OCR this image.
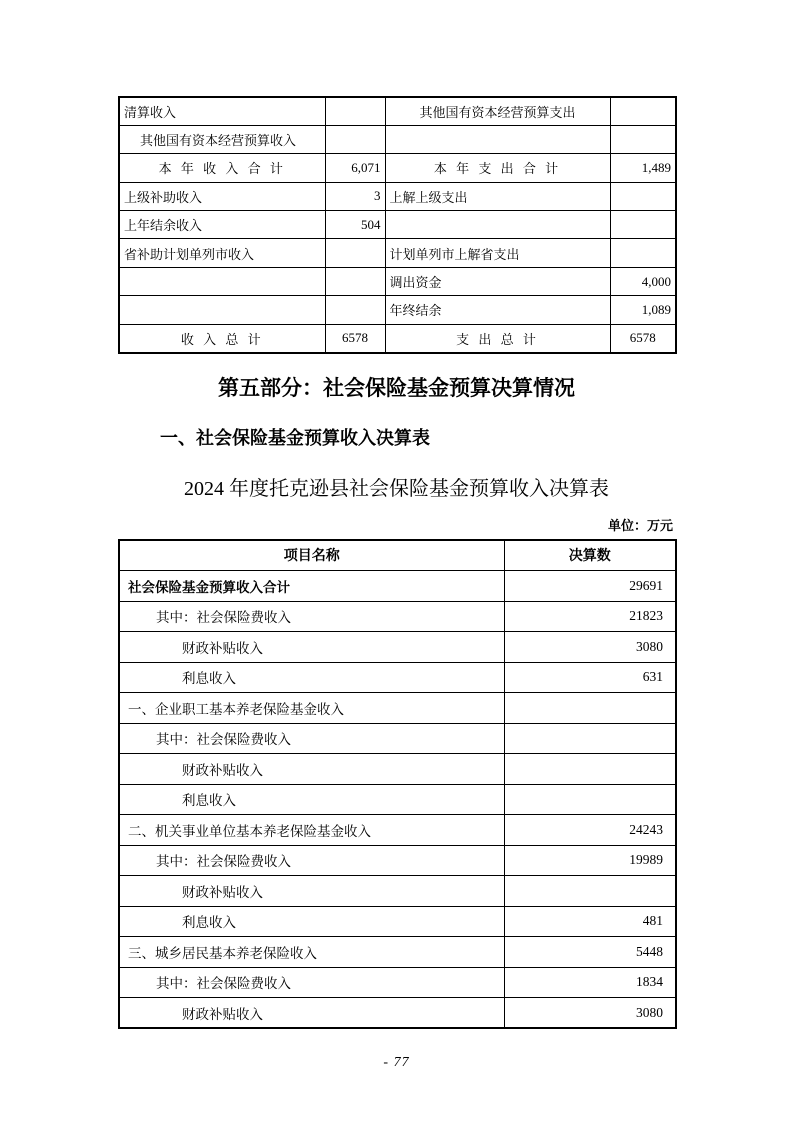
清算收入		其他国有资本经营预算支出	
其他国有资本经营预算收入			
本 年 收 入 合 计	6,071	本 年 支 出 合 计	1,489
上级补助收入	3	上解上级支出	
上年结余收入	504		
省补助计划单列市收入		计划单列市上解省支出	
		调出资金	4,000
		年终结余	1,089
收 入 总 计	6578	支 出 总 计	6578
第五部分：社会保险基金预算决算情况
一、社会保险基金预算收入决算表
2024 年度托克逊县社会保险基金预算收入决算表
单位：万元
项目名称	决算数
社会保险基金预算收入合计	29691
其中：社会保险费收入	21823
财政补贴收入	3080
利息收入	631
一、企业职工基本养老保险基金收入	
其中：社会保险费收入	
财政补贴收入	
利息收入	
二、机关事业单位基本养老保险基金收入	24243
其中：社会保险费收入	19989
财政补贴收入	
利息收入	481
三、城乡居民基本养老保险收入	5448
其中：社会保险费收入	1834
财政补贴收入	3080
- 77
